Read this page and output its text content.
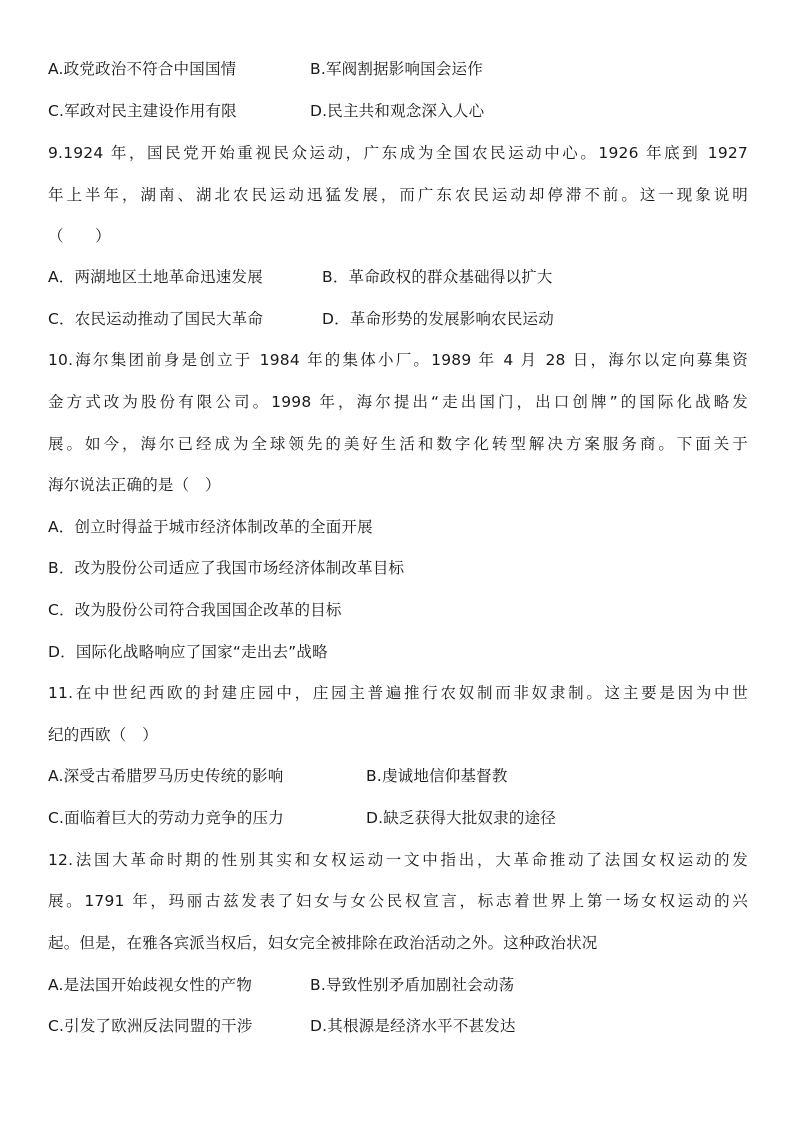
A.政党政治不符合中国国情	B.军阀割据影响国会运作
C.军政对民主建设作用有限	D.民主共和观念深入人心
9.1924 年，国民党开始重视民众运动，广东成为全国农民运动中心。1926 年底到 1927
年上半年，湖南、湖北农民运动迅猛发展，而广东农民运动却停滞不前。这一现象说明
（　　）
A．两湖地区土地革命迅速发展	B．革命政权的群众基础得以扩大
C．农民运动推动了国民大革命	D．革命形势的发展影响农民运动
10.海尔集团前身是创立于 1984 年的集体小厂。1989 年 4 月 28 日，海尔以定向募集资
金方式改为股份有限公司。1998 年，海尔提出“走出国门，出口创牌”的国际化战略发
展。如今，海尔已经成为全球领先的美好生活和数字化转型解决方案服务商。下面关于
海尔说法正确的是（　）
A．创立时得益于城市经济体制改革的全面开展
B．改为股份公司适应了我国市场经济体制改革目标
C．改为股份公司符合我国国企改革的目标
D．国际化战略响应了国家“走出去”战略
11.在中世纪西欧的封建庄园中，庄园主普遍推行农奴制而非奴隶制。这主要是因为中世
纪的西欧（　）
A.深受古希腊罗马历史传统的影响	B.虔诚地信仰基督教
C.面临着巨大的劳动力竞争的压力	D.缺乏获得大批奴隶的途径
12.法国大革命时期的性别其实和女权运动一文中指出，大革命推动了法国女权运动的发
展。1791 年，玛丽古兹发表了妇女与女公民权宣言，标志着世界上第一场女权运动的兴
起。但是，在雅各宾派当权后，妇女完全被排除在政治活动之外。这种政治状况
A.是法国开始歧视女性的产物	B.导致性别矛盾加剧社会动荡
C.引发了欧洲反法同盟的干涉	D.其根源是经济水平不甚发达
